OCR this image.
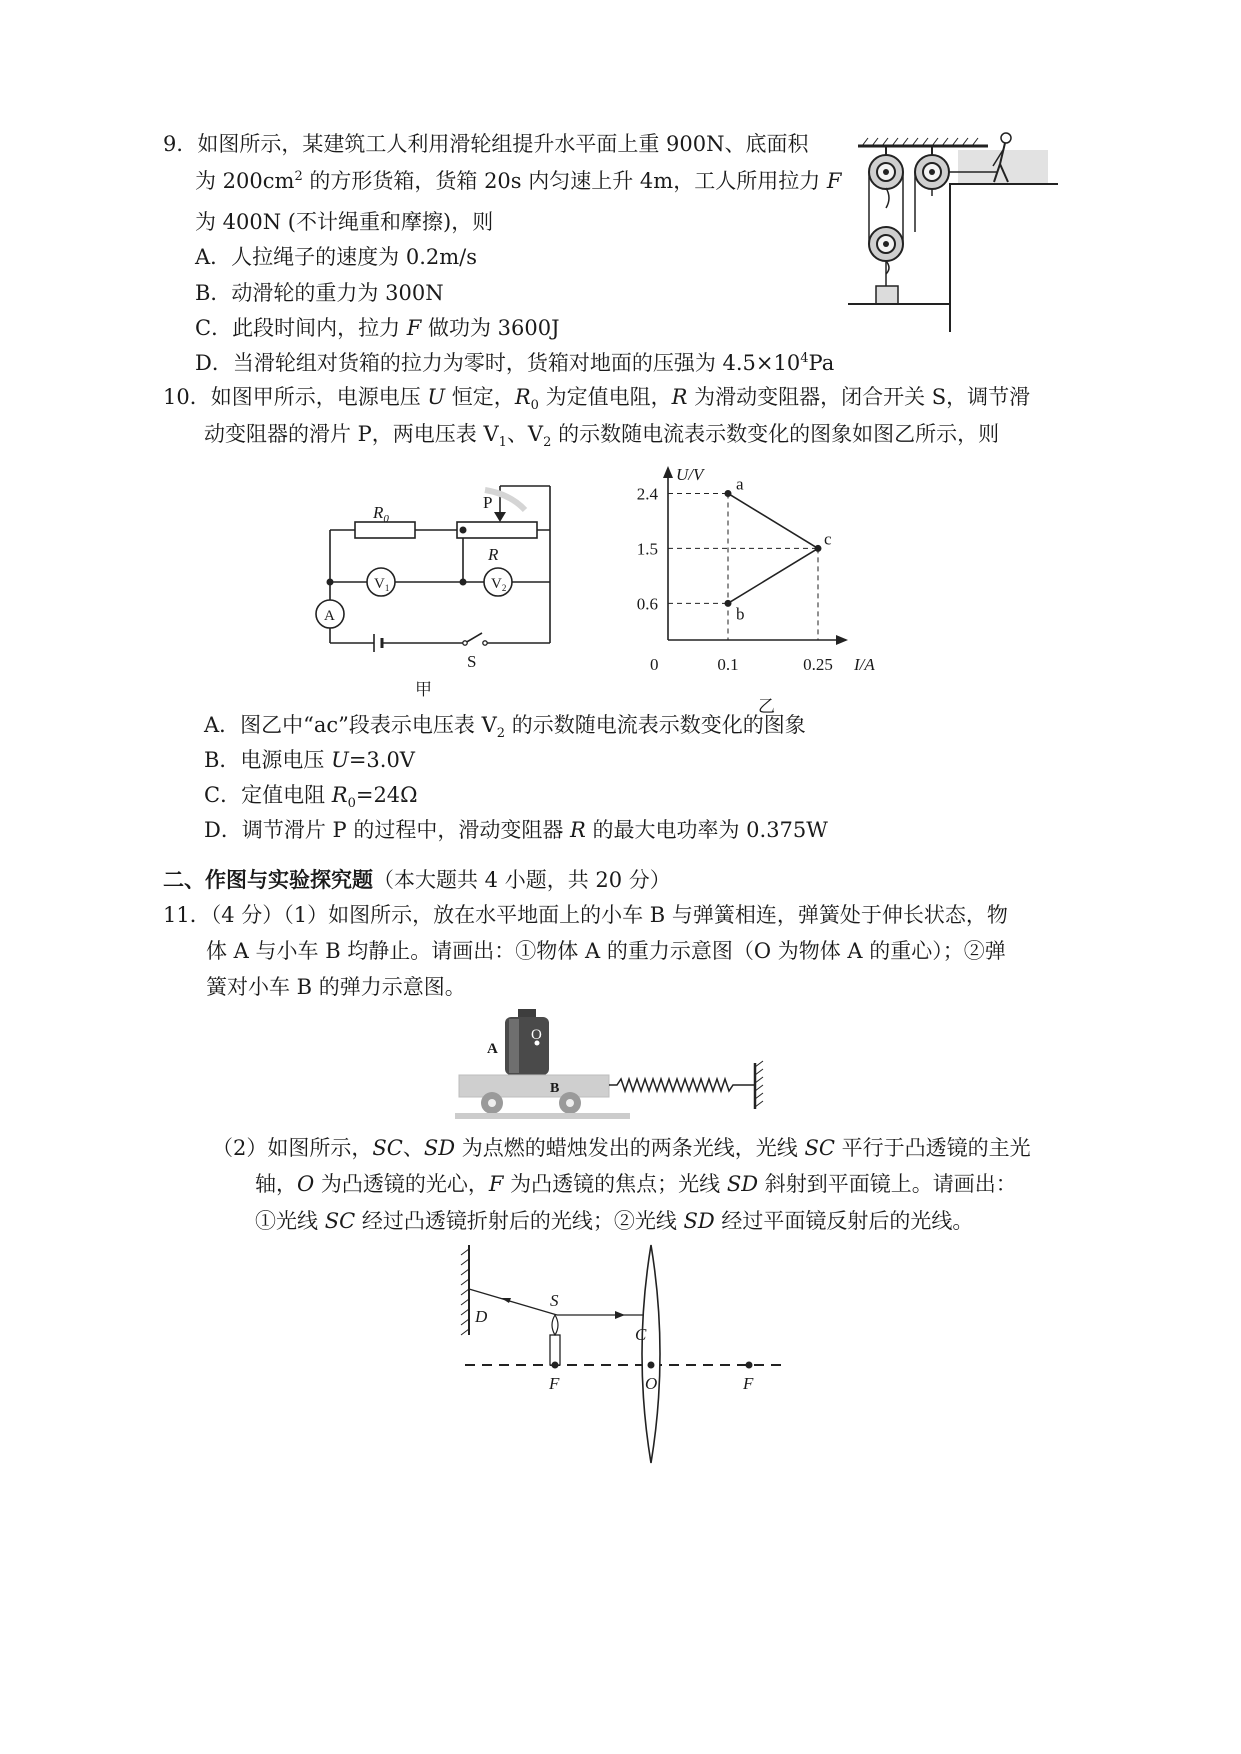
9．如图所示，某建筑工人利用滑轮组提升水平面上重 900N、底面积
为 $200cm^2$ 的方形货箱，货箱 20s 内匀速上升 4m，工人所用拉力 F
为 400N (不计绳重和摩擦)，则
A．人拉绳子的速度为 0.2m/s
B．动滑轮的重力为 300N
C．此段时间内，拉力 F 做功为 3600J
D．当滑轮组对货箱的拉力为零时，货箱对地面的压强为 $4.5\times 10^4Pa$
10．如图甲所示，电源电压 U 恒定，$R_0$ 为定值电阻，R 为滑动变阻器，闭合开关 S，调节滑
动变阻器的滑片 P，两电压表 $V_1$、$V_2$ 的示数随电流表示数变化的图象如图乙所示，则
$R_0$
R
P
$V_1$	$V_2$
A
S
甲
a
b
c
2.4
1.5
0.6
0	0.1	0.25
U/V
I/A
乙
A．图乙中“ac”段表示电压表 $V_2$ 的示数随电流表示数变化的图象
B．电源电压 U=3.0V
C．定值电阻 $R_0=24\Omega$
D．调节滑片 P 的过程中，滑动变阻器 R 的最大电功率为 0.375W
二、作图与实验探究题（本大题共 4 小题，共 20 分）
11．（4 分）（1）如图所示，放在水平地面上的小车 B 与弹簧相连，弹簧处于伸长状态，物
体 A 与小车 B 均静止。请画出：①物体 A 的重力示意图（O 为物体 A 的重心）；②弹
簧对小车 B 的弹力示意图。
O
A
B
（2）如图所示，SC、SD 为点燃的蜡烛发出的两条光线，光线 SC 平行于凸透镜的主光
轴，O 为凸透镜的光心，F 为凸透镜的焦点；光线 SD 斜射到平面镜上。请画出：
①光线 SC 经过凸透镜折射后的光线；②光线 SD 经过平面镜反射后的光线。
D
S
C
F	O	F
